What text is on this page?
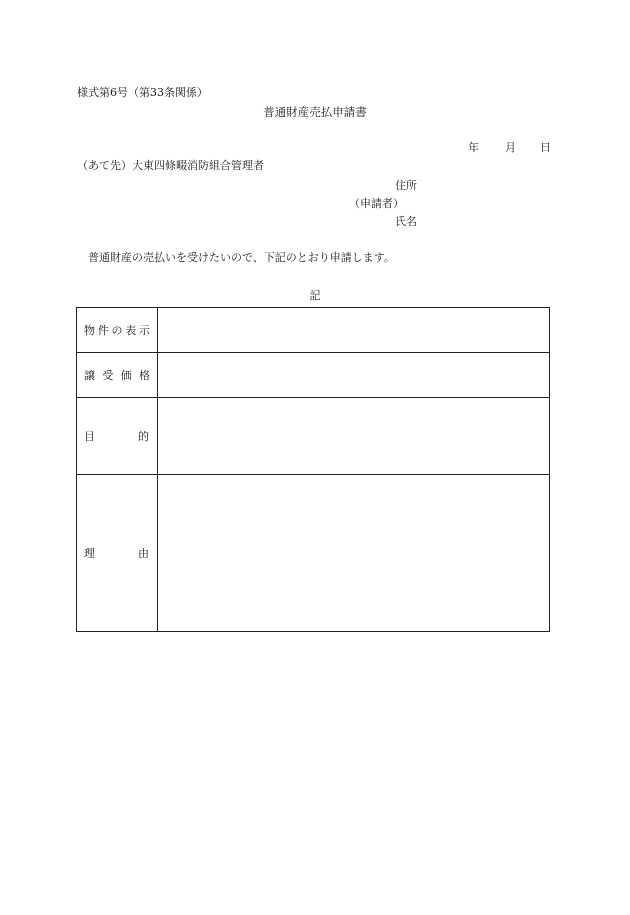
様式第6号（第33条関係）
普通財産売払申請書
年 月 日
（あて先）大東四條畷消防組合管理者
住所
（申請者）
氏名
普通財産の売払いを受けたいので、下記のとおり申請します。
記
物 件 の 表 示	

譲 受 価 格	

目 的	

理 由	
